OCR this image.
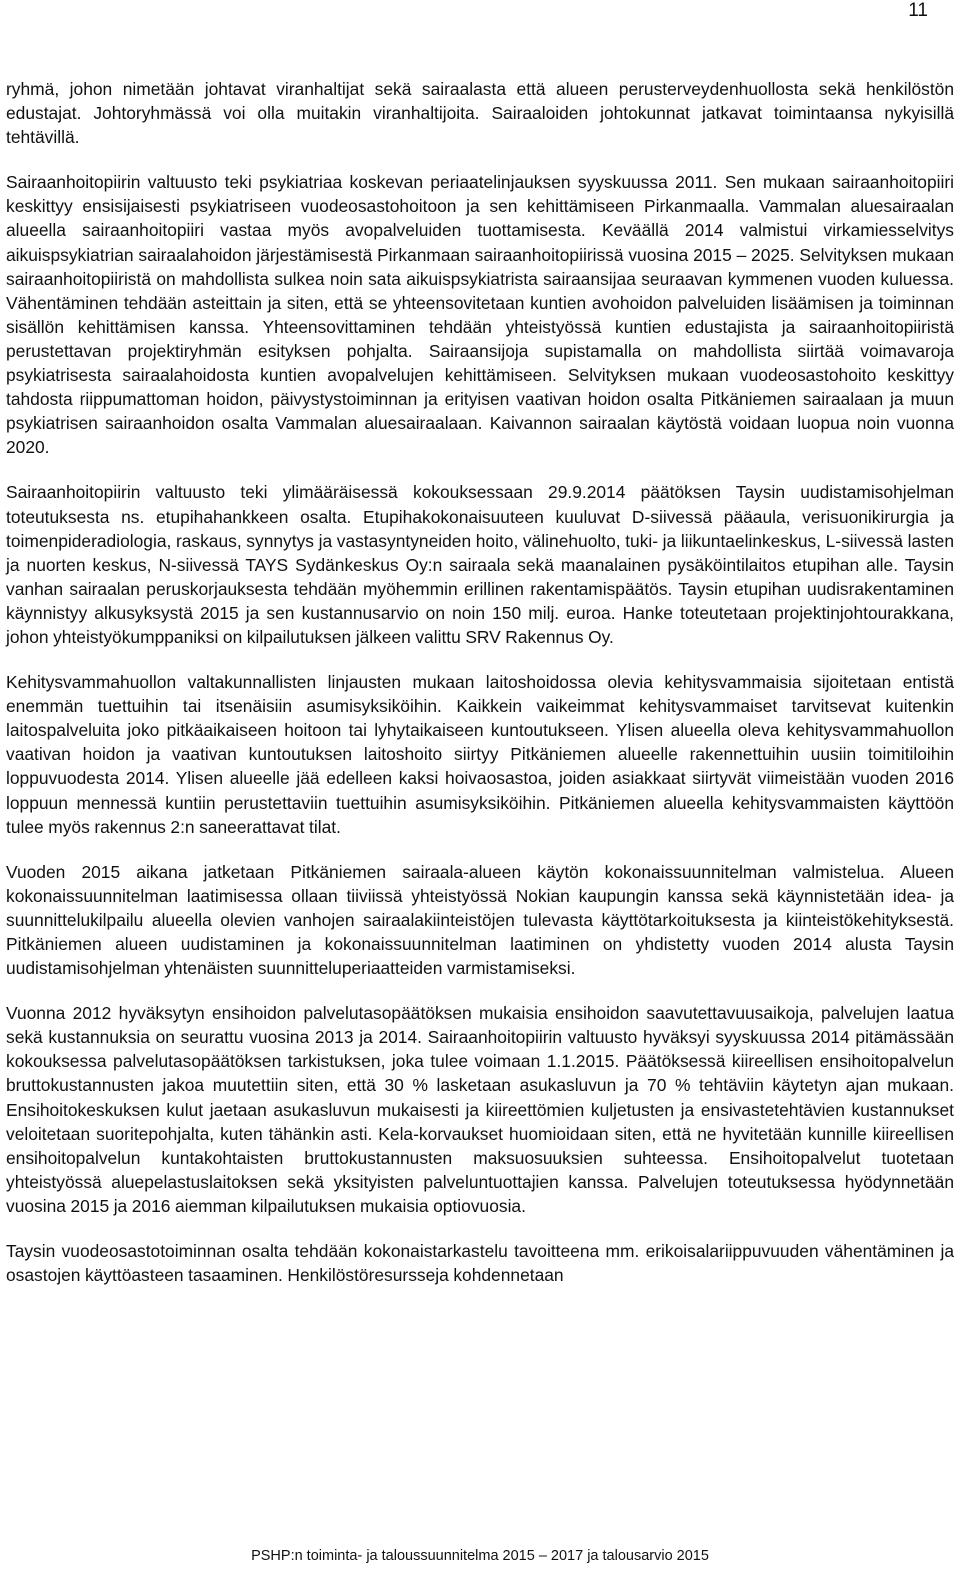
11

ryhmä, johon nimetään johtavat viranhaltijat sekä sairaalasta että alueen perusterveydenhuollosta sekä henkilöstön edustajat. Johtoryhmässä voi olla muitakin viranhaltijoita. Sairaaloiden johtokunnat jatkavat toimintaansa nykyisillä tehtävillä.

Sairaanhoitopiirin valtuusto teki psykiatriaa koskevan periaatelinjauksen syyskuussa 2011. Sen mukaan sairaanhoitopiiri keskittyy ensisijaisesti psykiatriseen vuodeosastohoitoon ja sen kehittämiseen Pirkanmaalla. Vammalan aluesairaalan alueella sairaanhoitopiiri vastaa myös avopalveluiden tuottamisesta. Keväällä 2014 valmistui virkamiesselvitys aikuispsykiatrian sairaalahoidon järjestämisestä Pirkanmaan sairaanhoitopiirissä vuosina 2015 – 2025. Selvityksen mukaan sairaanhoitopiiristä on mahdollista sulkea noin sata aikuispsykiatrista sairaansijaa seuraavan kymmenen vuoden kuluessa. Vähentäminen tehdään asteittain ja siten, että se yhteensovitetaan kuntien avohoidon palveluiden lisäämisen ja toiminnan sisällön kehittämisen kanssa. Yhteensovittaminen tehdään yhteistyössä kuntien edustajista ja sairaanhoitopiiristä perustettavan projektiryhmän esityksen pohjalta. Sairaansijoja supistamalla on mahdollista siirtää voimavaroja psykiatrisesta sairaalahoidosta kuntien avopalvelujen kehittämiseen. Selvityksen mukaan vuodeosastohoito keskittyy tahdosta riippumattoman hoidon, päivystystoiminnan ja erityisen vaativan hoidon osalta Pitkäniemen sairaalaan ja muun psykiatrisen sairaanhoidon osalta Vammalan aluesairaalaan. Kaivannon sairaalan käytöstä voidaan luopua noin vuonna 2020.

Sairaanhoitopiirin valtuusto teki ylimääräisessä kokouksessaan 29.9.2014 päätöksen Taysin uudistamisohjelman toteutuksesta ns. etupihahankkeen osalta. Etupihakokonaisuuteen kuuluvat D-siivessä pääaula, verisuonikirurgia ja toimenpideradiologia, raskaus, synnytys ja vastasyntyneiden hoito, välinehuolto, tuki- ja liikuntaelinkeskus, L-siivessä lasten ja nuorten keskus, N-siivessä TAYS Sydänkeskus Oy:n sairaala sekä maanalainen pysäköintilaitos etupihan alle. Taysin vanhan sairaalan peruskorjauksesta tehdään myöhemmin erillinen rakentamispäätös. Taysin etupihan uudisrakentaminen käynnistyy alkusyksystä 2015 ja sen kustannusarvio on noin 150 milj. euroa. Hanke toteutetaan projektinjohtourakkana, johon yhteistyökumppaniksi on kilpailutuksen jälkeen valittu SRV Rakennus Oy.

Kehitysvammahuollon valtakunnallisten linjausten mukaan laitoshoidossa olevia kehitysvammaisia sijoitetaan entistä enemmän tuettuihin tai itsenäisiin asumisyksiköihin. Kaikkein vaikeimmat kehitysvammaiset tarvitsevat kuitenkin laitospalveluita joko pitkäaikaiseen hoitoon tai lyhytaikaiseen kuntoutukseen. Ylisen alueella oleva kehitysvammahuollon vaativan hoidon ja vaativan kuntoutuksen laitoshoito siirtyy Pitkäniemen alueelle rakennettuihin uusiin toimitiloihin loppuvuodesta 2014. Ylisen alueelle jää edelleen kaksi hoivaosastoa, joiden asiakkaat siirtyvät viimeistään vuoden 2016 loppuun mennessä kuntiin perustettaviin tuettuihin asumisyksiköihin. Pitkäniemen alueella kehitysvammaisten käyttöön tulee myös rakennus 2:n saneerattavat tilat.

Vuoden 2015 aikana jatketaan Pitkäniemen sairaala-alueen käytön kokonaissuunnitelman valmistelua. Alueen kokonaissuunnitelman laatimisessa ollaan tiiviissä yhteistyössä Nokian kaupungin kanssa sekä käynnistetään idea- ja suunnittelukilpailu alueella olevien vanhojen sairaalakiinteistöjen tulevasta käyttötarkoituksesta ja kiinteistökehityksestä. Pitkäniemen alueen uudistaminen ja kokonaissuunnitelman laatiminen on yhdistetty vuoden 2014 alusta Taysin uudistamisohjelman yhtenäisten suunnitteluperiaatteiden varmistamiseksi.

Vuonna 2012 hyväksytyn ensihoidon palvelutasopäätöksen mukaisia ensihoidon saavutettavuusaikoja, palvelujen laatua sekä kustannuksia on seurattu vuosina 2013 ja 2014. Sairaanhoitopiirin valtuusto hyväksyi syyskuussa 2014 pitämässään kokouksessa palvelutasopäätöksen tarkistuksen, joka tulee voimaan 1.1.2015. Päätöksessä kiireellisen ensihoitopalvelun bruttokustannusten jakoa muutettiin siten, että 30 % lasketaan asukasluvun ja 70 % tehtäviin käytetyn ajan mukaan. Ensihoitokeskuksen kulut jaetaan asukasluvun mukaisesti ja kiireettömien kuljetusten ja ensivastetehtävien kustannukset veloitetaan suoritepohjalta, kuten tähänkin asti. Kela-korvaukset huomioidaan siten, että ne hyvitetään kunnille kiireellisen ensihoitopalvelun kuntakohtaisten bruttokustannusten maksuosuuksien suhteessa. Ensihoitopalvelut tuotetaan yhteistyössä aluepelastuslaitoksen sekä yksityisten palveluntuottajien kanssa. Palvelujen toteutuksessa hyödynnetään vuosina 2015 ja 2016 aiemman kilpailutuksen mukaisia optiovuosia.

Taysin vuodeosastotoiminnan osalta tehdään kokonaistarkastelu tavoitteena mm. erikoisalariippuvuuden vähentäminen ja osastojen käyttöasteen tasaaminen. Henkilöstöresursseja kohdennetaan

PSHP:n toiminta- ja taloussuunnitelma 2015 – 2017 ja talousarvio 2015
